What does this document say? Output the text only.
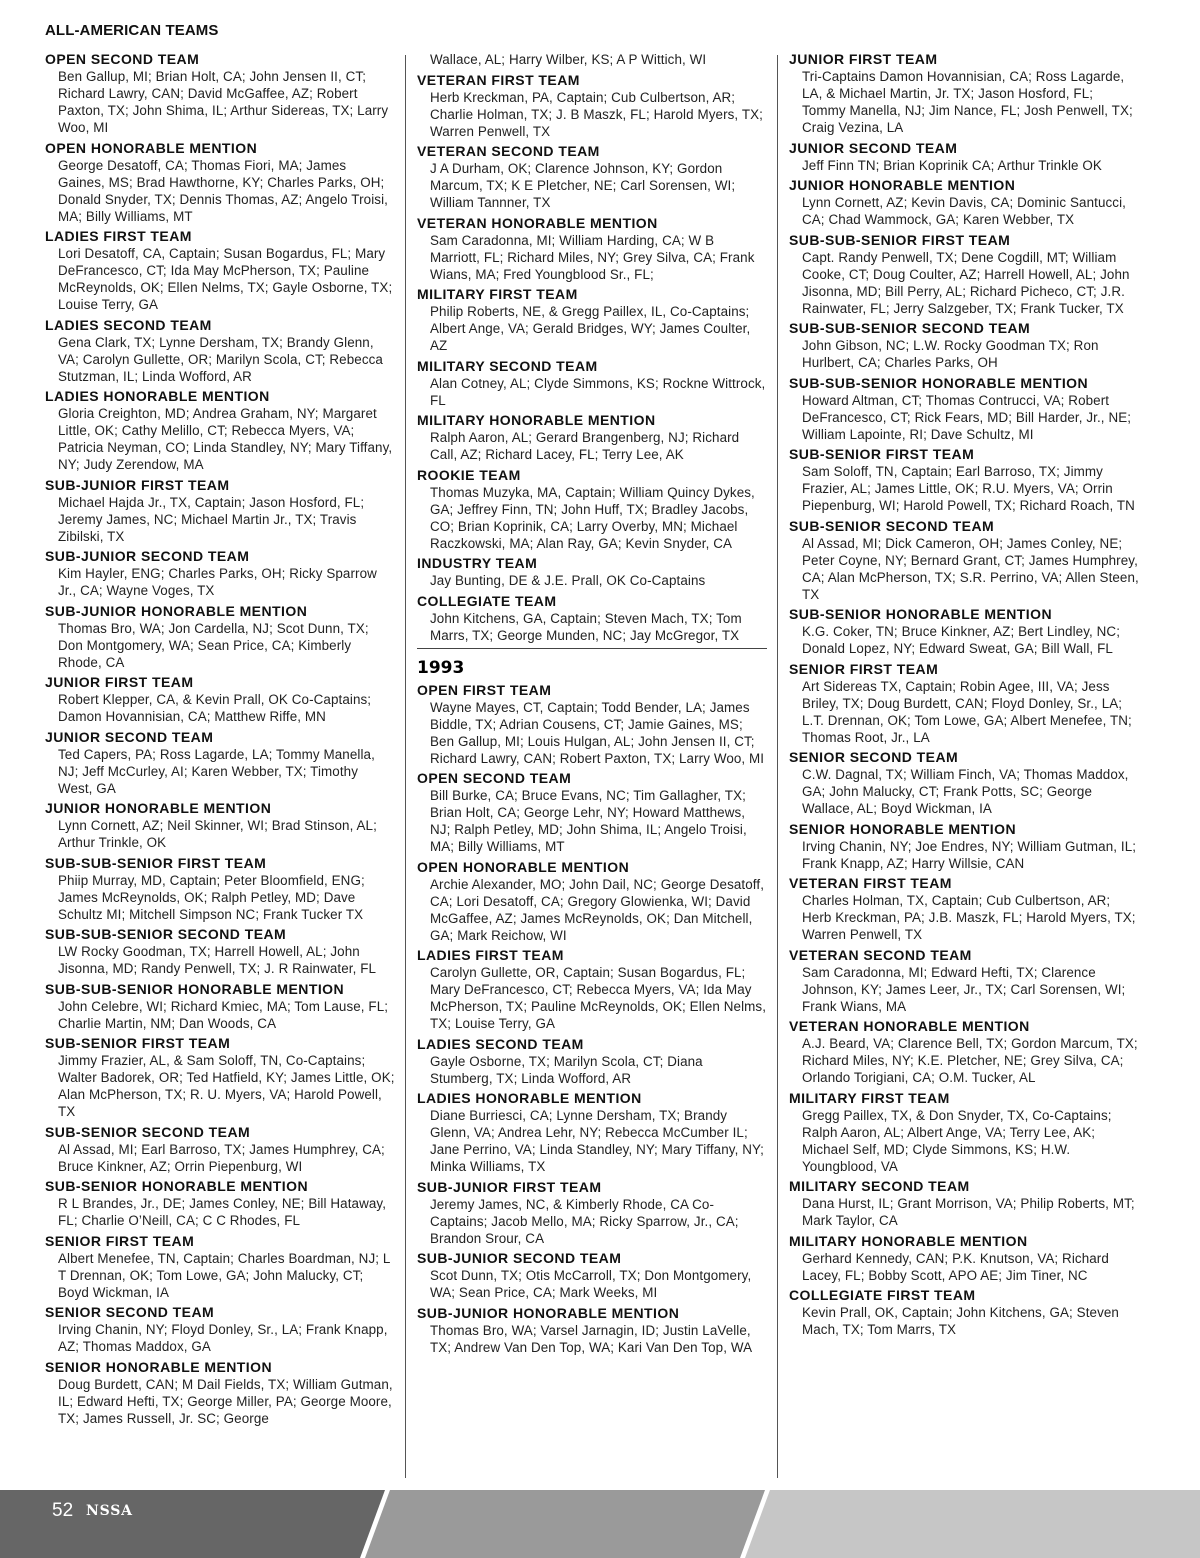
ALL-AMERICAN TEAMS
OPEN SECOND TEAM
Ben Gallup, MI; Brian Holt, CA; John Jensen II, CT; Richard Lawry, CAN; David McGaffee, AZ; Robert Paxton, TX; John Shima, IL; Arthur Sidereas, TX; Larry Woo, MI
OPEN HONORABLE MENTION
George Desatoff, CA; Thomas Fiori, MA; James Gaines, MS; Brad Hawthorne, KY; Charles Parks, OH; Donald Snyder, TX; Dennis Thomas, AZ; Angelo Troisi, MA; Billy Williams, MT
LADIES FIRST TEAM
Lori Desatoff, CA, Captain; Susan Bogardus, FL; Mary DeFrancesco, CT; Ida May McPherson, TX; Pauline McReynolds, OK; Ellen Nelms, TX; Gayle Osborne, TX; Louise Terry, GA
LADIES SECOND TEAM
Gena Clark, TX; Lynne Dersham, TX; Brandy Glenn, VA; Carolyn Gullette, OR; Marilyn Scola, CT; Rebecca Stutzman, IL; Linda Wofford, AR
LADIES HONORABLE MENTION
Gloria Creighton, MD; Andrea Graham, NY; Margaret Little, OK; Cathy Melillo, CT; Rebecca Myers, VA; Patricia Neyman, CO; Linda Standley, NY; Mary Tiffany, NY; Judy Zerendow, MA
SUB-JUNIOR FIRST TEAM
Michael Hajda Jr., TX, Captain; Jason Hosford, FL; Jeremy James, NC; Michael Martin Jr., TX; Travis Zibilski, TX
SUB-JUNIOR SECOND TEAM
Kim Hayler, ENG; Charles Parks, OH; Ricky Sparrow Jr., CA; Wayne Voges, TX
SUB-JUNIOR HONORABLE MENTION
Thomas Bro, WA; Jon Cardella, NJ; Scot Dunn, TX; Don Montgomery, WA; Sean Price, CA; Kimberly Rhode, CA
JUNIOR FIRST TEAM
Robert Klepper, CA, & Kevin Prall, OK Co-Captains; Damon Hovannisian, CA; Matthew Riffe, MN
JUNIOR SECOND TEAM
Ted Capers, PA; Ross Lagarde, LA; Tommy Manella, NJ; Jeff McCurley, AI; Karen Webber, TX; Timothy West, GA
JUNIOR HONORABLE MENTION
Lynn Cornett, AZ; Neil Skinner, WI; Brad Stinson, AL; Arthur Trinkle, OK
SUB-SUB-SENIOR FIRST TEAM
Phiip Murray, MD, Captain; Peter Bloomfield, ENG; James McReynolds, OK; Ralph Petley, MD; Dave Schultz MI; Mitchell Simpson NC; Frank Tucker TX
SUB-SUB-SENIOR SECOND TEAM
LW Rocky Goodman, TX; Harrell Howell, AL; John Jisonna, MD; Randy Penwell, TX; J. R Rainwater, FL
SUB-SUB-SENIOR HONORABLE MENTION
John Celebre, WI; Richard Kmiec, MA; Tom Lause, FL; Charlie Martin, NM; Dan Woods, CA
SUB-SENIOR FIRST TEAM
Jimmy Frazier, AL, & Sam Soloff, TN, Co-Captains; Walter Badorek, OR; Ted Hatfield, KY; James Little, OK; Alan McPherson, TX; R. U. Myers, VA; Harold Powell, TX
SUB-SENIOR SECOND TEAM
Al Assad, MI; Earl Barroso, TX; James Humphrey, CA; Bruce Kinkner, AZ; Orrin Piepenburg, WI
SUB-SENIOR HONORABLE MENTION
R L Brandes, Jr., DE; James Conley, NE; Bill Hataway, FL; Charlie O’Neill, CA; C C Rhodes, FL
SENIOR FIRST TEAM
Albert Menefee, TN, Captain; Charles Boardman, NJ; L T Drennan, OK; Tom Lowe, GA; John Malucky, CT; Boyd Wickman, IA
SENIOR SECOND TEAM
Irving Chanin, NY; Floyd Donley, Sr., LA; Frank Knapp, AZ; Thomas Maddox, GA
SENIOR HONORABLE MENTION
Doug Burdett, CAN; M Dail Fields, TX; William Gutman, IL; Edward Hefti, TX; George Miller, PA; George Moore, TX; James Russell, Jr. SC; George
Wallace, AL; Harry Wilber, KS; A P Wittich, WI
VETERAN FIRST TEAM
Herb Kreckman, PA, Captain; Cub Culbertson, AR; Charlie Holman, TX; J. B Maszk, FL; Harold Myers, TX; Warren Penwell, TX
VETERAN SECOND TEAM
J A Durham, OK; Clarence Johnson, KY; Gordon Marcum, TX; K E Pletcher, NE; Carl Sorensen, WI; William Tannner, TX
VETERAN HONORABLE MENTION
Sam Caradonna, MI; William Harding, CA; W B Marriott, FL; Richard Miles, NY; Grey Silva, CA; Frank Wians, MA; Fred Youngblood Sr., FL;
MILITARY FIRST TEAM
Philip Roberts, NE, & Gregg Paillex, IL, Co-Captains; Albert Ange, VA; Gerald Bridges, WY; James Coulter, AZ
MILITARY SECOND TEAM
Alan Cotney, AL; Clyde Simmons, KS; Rockne Wittrock, FL
MILITARY HONORABLE MENTION
Ralph Aaron, AL; Gerard Brangenberg, NJ; Richard Call, AZ; Richard Lacey, FL; Terry Lee, AK
ROOKIE TEAM
Thomas Muzyka, MA, Captain; William Quincy Dykes, GA; Jeffrey Finn, TN; John Huff, TX; Bradley Jacobs, CO; Brian Koprinik, CA; Larry Overby, MN; Michael Raczkowski, MA; Alan Ray, GA; Kevin Snyder, CA
INDUSTRY TEAM
Jay Bunting, DE & J.E. Prall, OK Co-Captains
COLLEGIATE TEAM
John Kitchens, GA, Captain; Steven Mach, TX; Tom Marrs, TX; George Munden, NC; Jay McGregor, TX
1993
OPEN FIRST TEAM
Wayne Mayes, CT, Captain; Todd Bender, LA; James Biddle, TX; Adrian Cousens, CT; Jamie Gaines, MS; Ben Gallup, MI; Louis Hulgan, AL; John Jensen II, CT; Richard Lawry, CAN; Robert Paxton, TX; Larry Woo, MI
OPEN SECOND TEAM
Bill Burke, CA; Bruce Evans, NC; Tim Gallagher, TX; Brian Holt, CA; George Lehr, NY; Howard Matthews, NJ; Ralph Petley, MD; John Shima, IL; Angelo Troisi, MA; Billy Williams, MT
OPEN HONORABLE MENTION
Archie Alexander, MO; John Dail, NC; George Desatoff, CA; Lori Desatoff, CA; Gregory Glowienka, WI; David McGaffee, AZ; James McReynolds, OK; Dan Mitchell, GA; Mark Reichow, WI
LADIES FIRST TEAM
Carolyn Gullette, OR, Captain; Susan Bogardus, FL; Mary DeFrancesco, CT; Rebecca Myers, VA; Ida May McPherson, TX; Pauline McReynolds, OK; Ellen Nelms, TX; Louise Terry, GA
LADIES SECOND TEAM
Gayle Osborne, TX; Marilyn Scola, CT; Diana Stumberg, TX; Linda Wofford, AR
LADIES HONORABLE MENTION
Diane Burriesci, CA; Lynne Dersham, TX; Brandy Glenn, VA; Andrea Lehr, NY; Rebecca McCumber IL; Jane Perrino, VA; Linda Standley, NY; Mary Tiffany, NY; Minka Williams, TX
SUB-JUNIOR FIRST TEAM
Jeremy James, NC, & Kimberly Rhode, CA Co-Captains; Jacob Mello, MA; Ricky Sparrow, Jr., CA; Brandon Srour, CA
SUB-JUNIOR SECOND TEAM
Scot Dunn, TX; Otis McCarroll, TX; Don Montgomery, WA; Sean Price, CA; Mark Weeks, MI
SUB-JUNIOR HONORABLE MENTION
Thomas Bro, WA; Varsel Jarnagin, ID; Justin LaVelle, TX; Andrew Van Den Top, WA; Kari Van Den Top, WA
JUNIOR FIRST TEAM
Tri-Captains Damon Hovannisian, CA; Ross Lagarde, LA, & Michael Martin, Jr. TX; Jason Hosford, FL; Tommy Manella, NJ; Jim Nance, FL; Josh Penwell, TX; Craig Vezina, LA
JUNIOR SECOND TEAM
Jeff Finn TN; Brian Koprinik CA; Arthur Trinkle OK
JUNIOR HONORABLE MENTION
Lynn Cornett, AZ; Kevin Davis, CA; Dominic Santucci, CA; Chad Wammock, GA; Karen Webber, TX
SUB-SUB-SENIOR FIRST TEAM
Capt. Randy Penwell, TX; Dene Cogdill, MT; William Cooke, CT; Doug Coulter, AZ; Harrell Howell, AL; John Jisonna, MD; Bill Perry, AL; Richard Picheco, CT; J.R. Rainwater, FL; Jerry Salzgeber, TX; Frank Tucker, TX
SUB-SUB-SENIOR SECOND TEAM
John Gibson, NC; L.W. Rocky Goodman TX; Ron Hurlbert, CA; Charles Parks, OH
SUB-SUB-SENIOR HONORABLE MENTION
Howard Altman, CT; Thomas Contrucci, VA; Robert DeFrancesco, CT; Rick Fears, MD; Bill Harder, Jr., NE; William Lapointe, RI; Dave Schultz, MI
SUB-SENIOR FIRST TEAM
Sam Soloff, TN, Captain; Earl Barroso, TX; Jimmy Frazier, AL; James Little, OK; R.U. Myers, VA; Orrin Piepenburg, WI; Harold Powell, TX; Richard Roach, TN
SUB-SENIOR SECOND TEAM
Al Assad, MI; Dick Cameron, OH; James Conley, NE; Peter Coyne, NY; Bernard Grant, CT; James Humphrey, CA; Alan McPherson, TX; S.R. Perrino, VA; Allen Steen, TX
SUB-SENIOR HONORABLE MENTION
K.G. Coker, TN; Bruce Kinkner, AZ; Bert Lindley, NC; Donald Lopez, NY; Edward Sweat, GA; Bill Wall, FL
SENIOR FIRST TEAM
Art Sidereas TX, Captain; Robin Agee, III, VA; Jess Briley, TX; Doug Burdett, CAN; Floyd Donley, Sr., LA; L.T. Drennan, OK; Tom Lowe, GA; Albert Menefee, TN; Thomas Root, Jr., LA
SENIOR SECOND TEAM
C.W. Dagnal, TX; William Finch, VA; Thomas Maddox, GA; John Malucky, CT; Frank Potts, SC; George Wallace, AL; Boyd Wickman, IA
SENIOR HONORABLE MENTION
Irving Chanin, NY; Joe Endres, NY; William Gutman, IL; Frank Knapp, AZ; Harry Willsie, CAN
VETERAN FIRST TEAM
Charles Holman, TX, Captain; Cub Culbertson, AR; Herb Kreckman, PA; J.B. Maszk, FL; Harold Myers, TX; Warren Penwell, TX
VETERAN SECOND TEAM
Sam Caradonna, MI; Edward Hefti, TX; Clarence Johnson, KY; James Leer, Jr., TX; Carl Sorensen, WI; Frank Wians, MA
VETERAN HONORABLE MENTION
A.J. Beard, VA; Clarence Bell, TX; Gordon Marcum, TX; Richard Miles, NY; K.E. Pletcher, NE; Grey Silva, CA; Orlando Torigiani, CA; O.M. Tucker, AL
MILITARY FIRST TEAM
Gregg Paillex, TX, & Don Snyder, TX, Co-Captains; Ralph Aaron, AL; Albert Ange, VA; Terry Lee, AK; Michael Self, MD; Clyde Simmons, KS; H.W. Youngblood, VA
MILITARY SECOND TEAM
Dana Hurst, IL; Grant Morrison, VA; Philip Roberts, MT; Mark Taylor, CA
MILITARY HONORABLE MENTION
Gerhard Kennedy, CAN; P.K. Knutson, VA; Richard Lacey, FL; Bobby Scott, APO AE; Jim Tiner, NC
COLLEGIATE FIRST TEAM
Kevin Prall, OK, Captain; John Kitchens, GA; Steven Mach, TX; Tom Marrs, TX
52 NSSA
